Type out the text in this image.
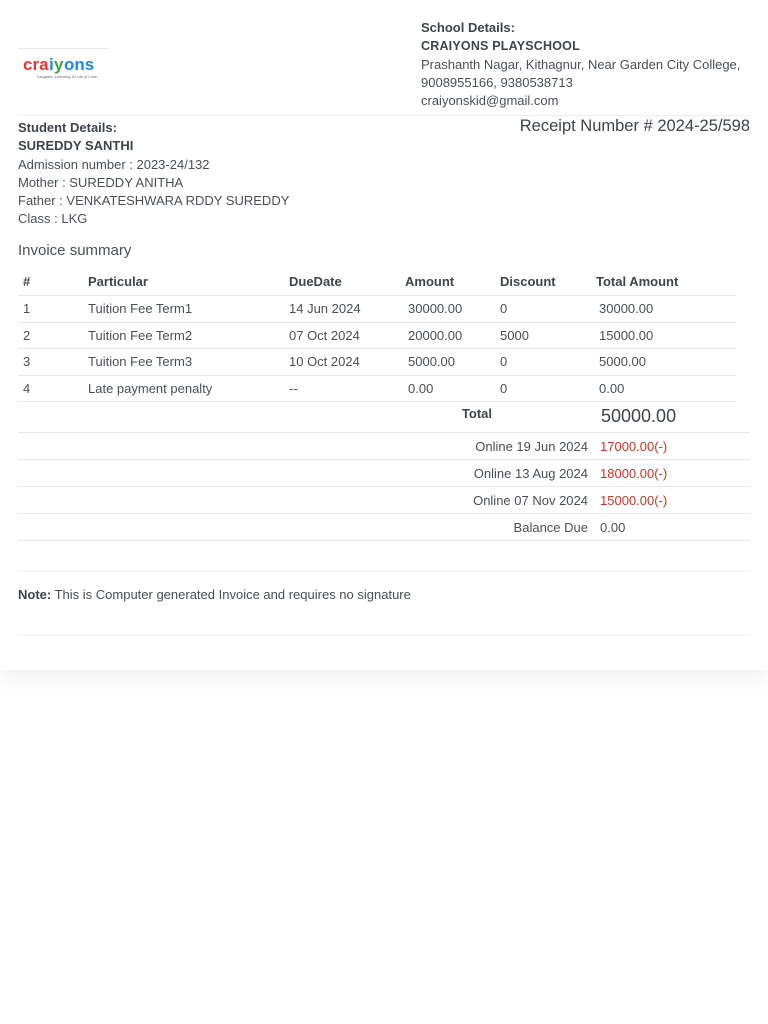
cra i y ons
Laughter, Learning & Lots of Love
School Details:
CRAIYONS PLAYSCHOOL
Prashanth Nagar, Kithagnur, Near Garden City College,
9008955166, 9380538713
craiyonskid@gmail.com
Student Details:
SUREDDY SANTHI
Admission number : 2023-24/132
Mother : SUREDDY ANITHA
Father : VENKATESHWARA RDDY SUREDDY
Class : LKG
Receipt Number # 2024-25/598
Invoice summary
#	Particular	DueDate	Amount	Discount	Total Amount
1	Tuition Fee Term1	14 Jun 2024	30000.00	0	30000.00
2	Tuition Fee Term2	07 Oct 2024	20000.00	5000	15000.00
3	Tuition Fee Term3	10 Oct 2024	5000.00	0	5000.00
4	Late payment penalty	--	0.00	0	0.00
Total	50000.00
Online 19 Jun 2024 17000.00(-)
Online 13 Aug 2024 18000.00(-)
Online 07 Nov 2024 15000.00(-)
Balance Due 0.00
Note: This is Computer generated Invoice and requires no signature
